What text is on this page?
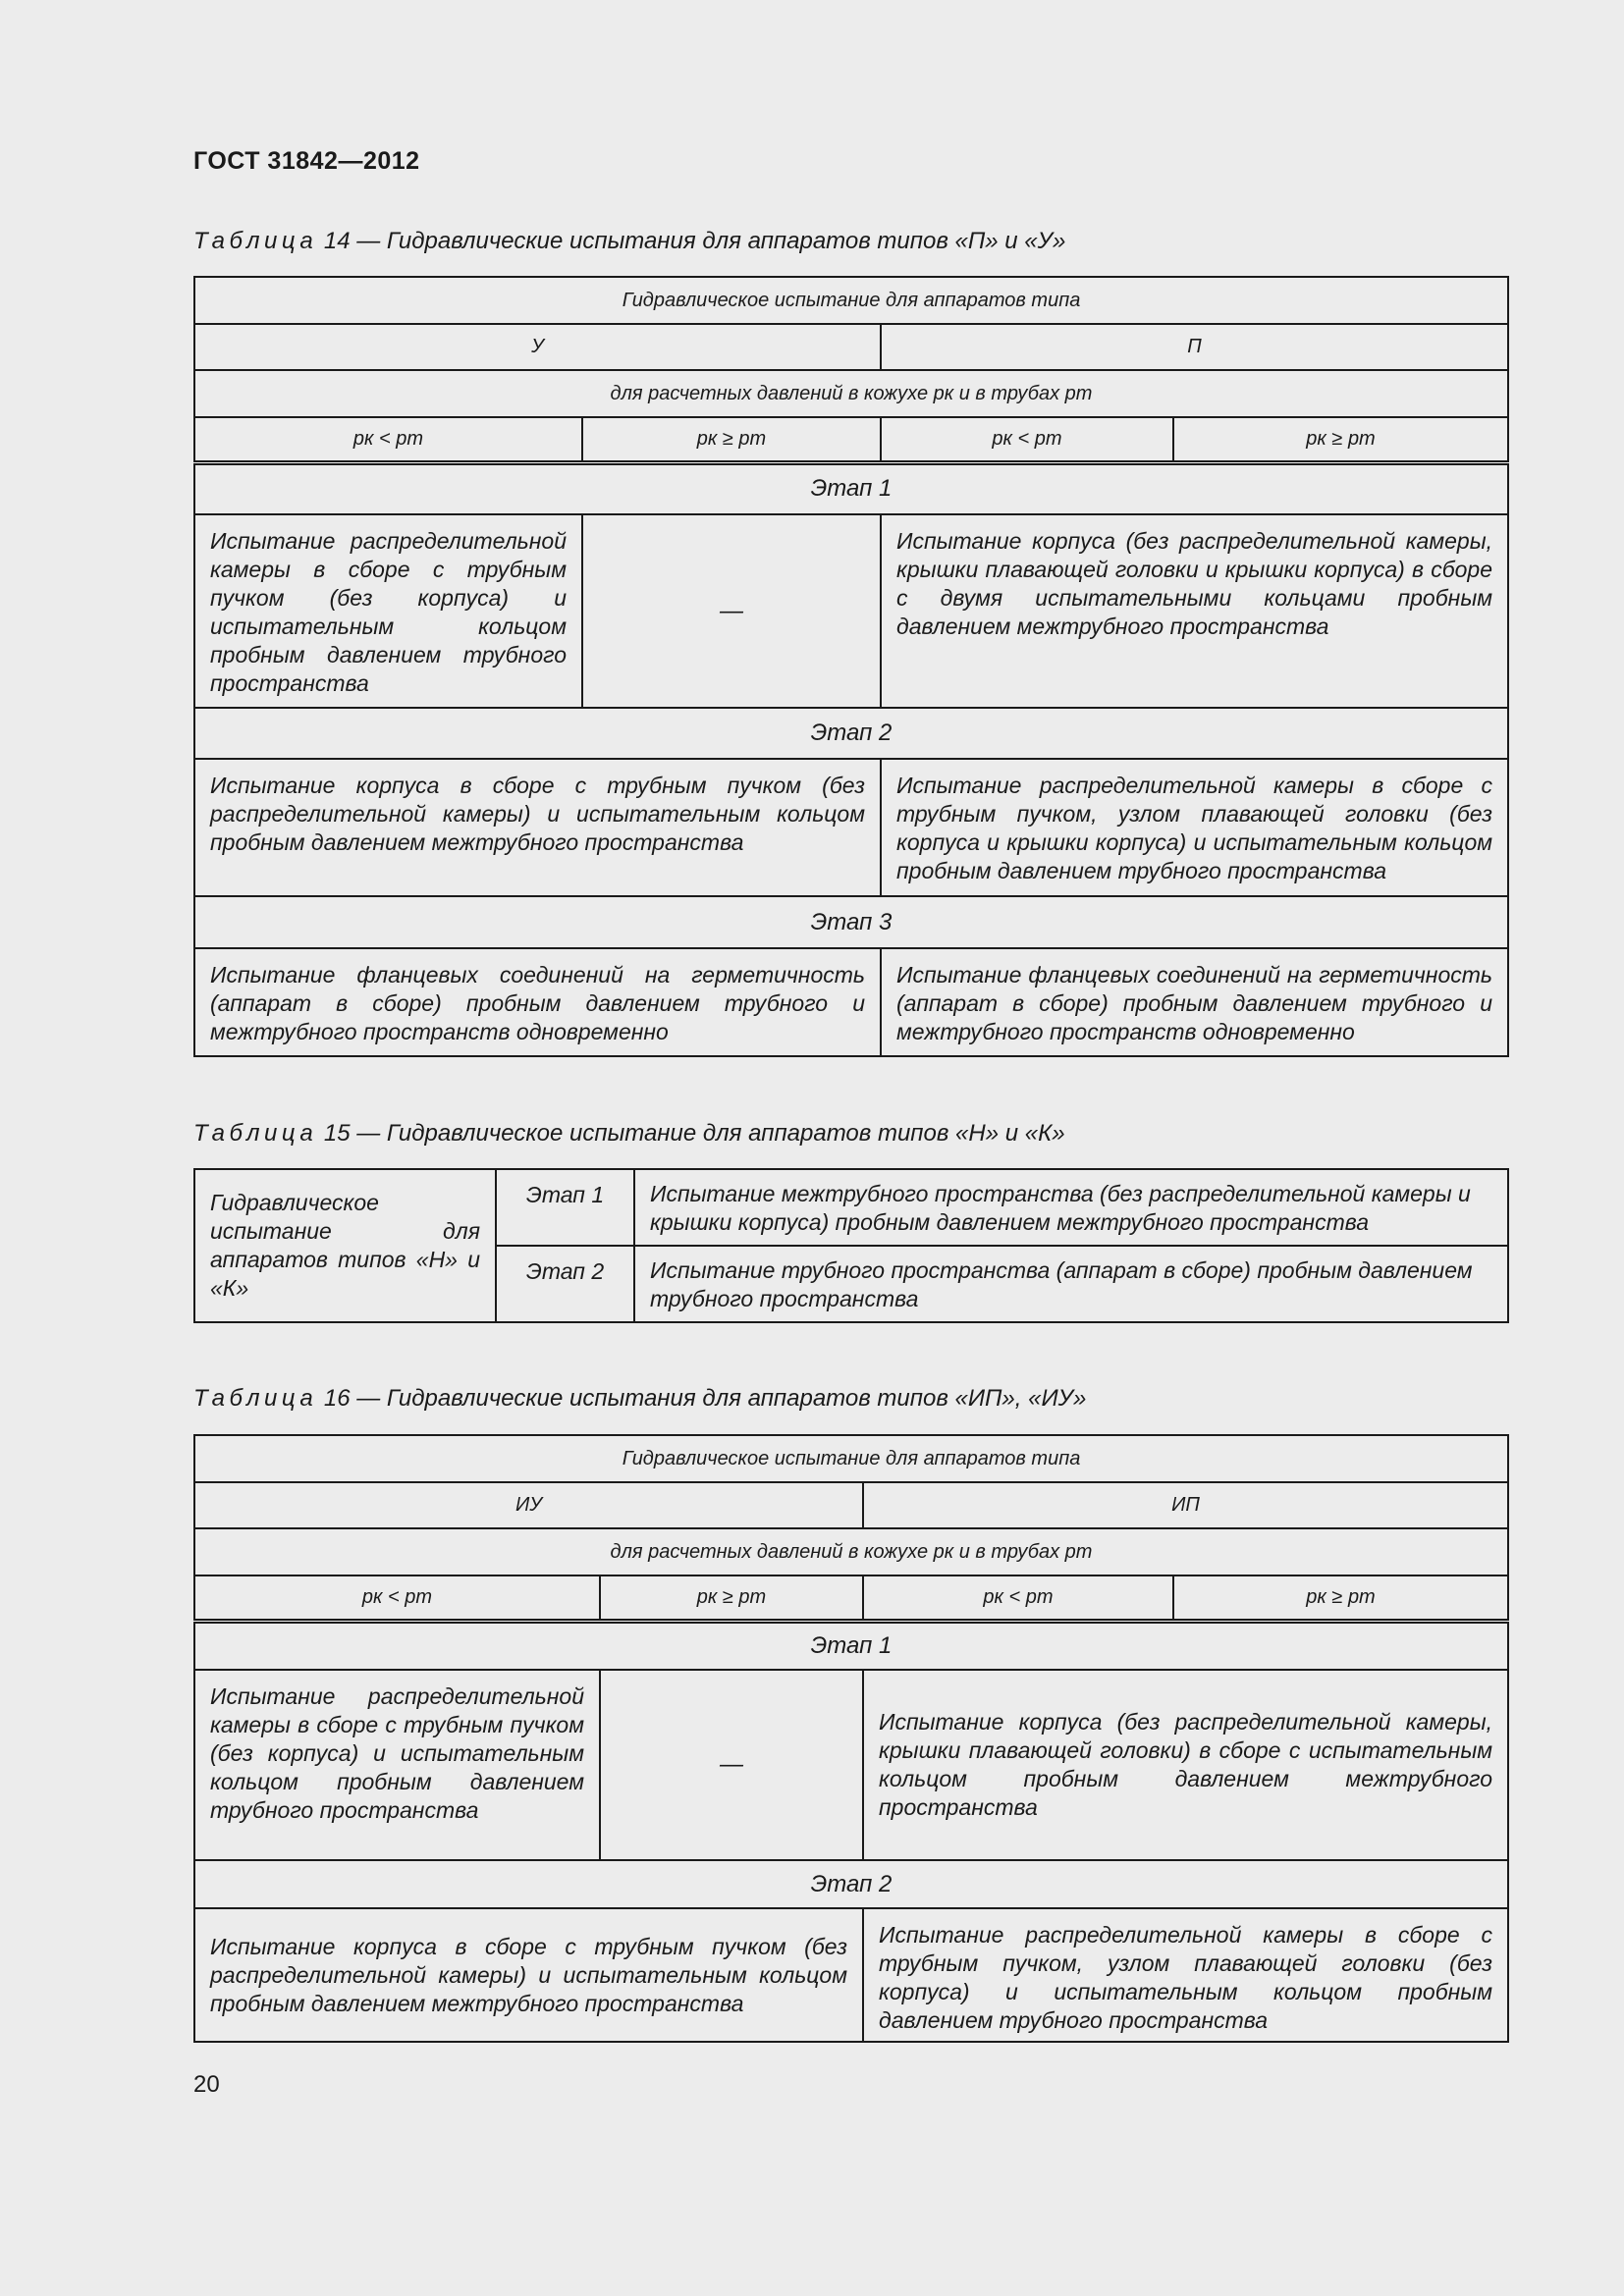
ГОСТ 31842—2012
Таблица 14 — Гидравлические испытания для аппаратов типов «П» и «У»
Гидравлическое испытание для аппаратов типа			
У		П	
для расчетных давлений в кожухе pк и в трубах pт			
pк < pт	pк ≥ pт	pк < pт	pк ≥ pт
Этап 1			
Испытание распределительной камеры в сборе с трубным пучком (без корпуса) и испытательным кольцом пробным давлением трубного пространства	—	Испытание корпуса (без распределительной камеры, крышки плавающей головки и крышки корпуса) в сборе с двумя испытательными кольцами пробным давлением межтрубного пространства	
Этап 2			
Испытание корпуса в сборе с трубным пучком (без распределительной камеры) и испытательным кольцом пробным давлением межтрубного пространства		Испытание распределительной камеры в сборе с трубным пучком, узлом плавающей головки (без корпуса и крышки корпуса) и испытательным кольцом пробным давлением трубного пространства	
Этап 3			
Испытание фланцевых соединений на герметичность (аппарат в сборе) пробным давлением трубного и межтрубного пространств одновременно		Испытание фланцевых соединений на герметичность (аппарат в сборе) пробным давлением трубного и межтрубного пространств одновременно	
Таблица 15 — Гидравлическое испытание для аппаратов типов «Н» и «К»
Гидравлическое испытание для аппаратов типов «Н» и «К»	Этап 1	Испытание межтрубного пространства (без распределительной камеры и крышки корпуса) пробным давлением межтрубного пространства
	Этап 2	Испытание трубного пространства (аппарат в сборе) пробным давлением трубного пространства
Таблица 16 — Гидравлические испытания для аппаратов типов «ИП», «ИУ»
Гидравлическое испытание для аппаратов типа			
ИУ		ИП	
для расчетных давлений в кожухе pк и в трубах pт			
pк < pт	pк ≥ pт	pк < pт	pк ≥ pт
Этап 1			
Испытание распределительной камеры в сборе с трубным пучком (без корпуса) и испытательным кольцом пробным давлением трубного пространства	—	Испытание корпуса (без распределительной камеры, крышки плавающей головки) в сборе с испытательным кольцом пробным давлением межтрубного пространства	
Этап 2			
Испытание корпуса в сборе с трубным пучком (без распределительной камеры) и испытательным кольцом пробным давлением межтрубного пространства		Испытание распределительной камеры в сборе с трубным пучком, узлом плавающей головки (без корпуса) и испытательным кольцом пробным давлением трубного пространства	
20
